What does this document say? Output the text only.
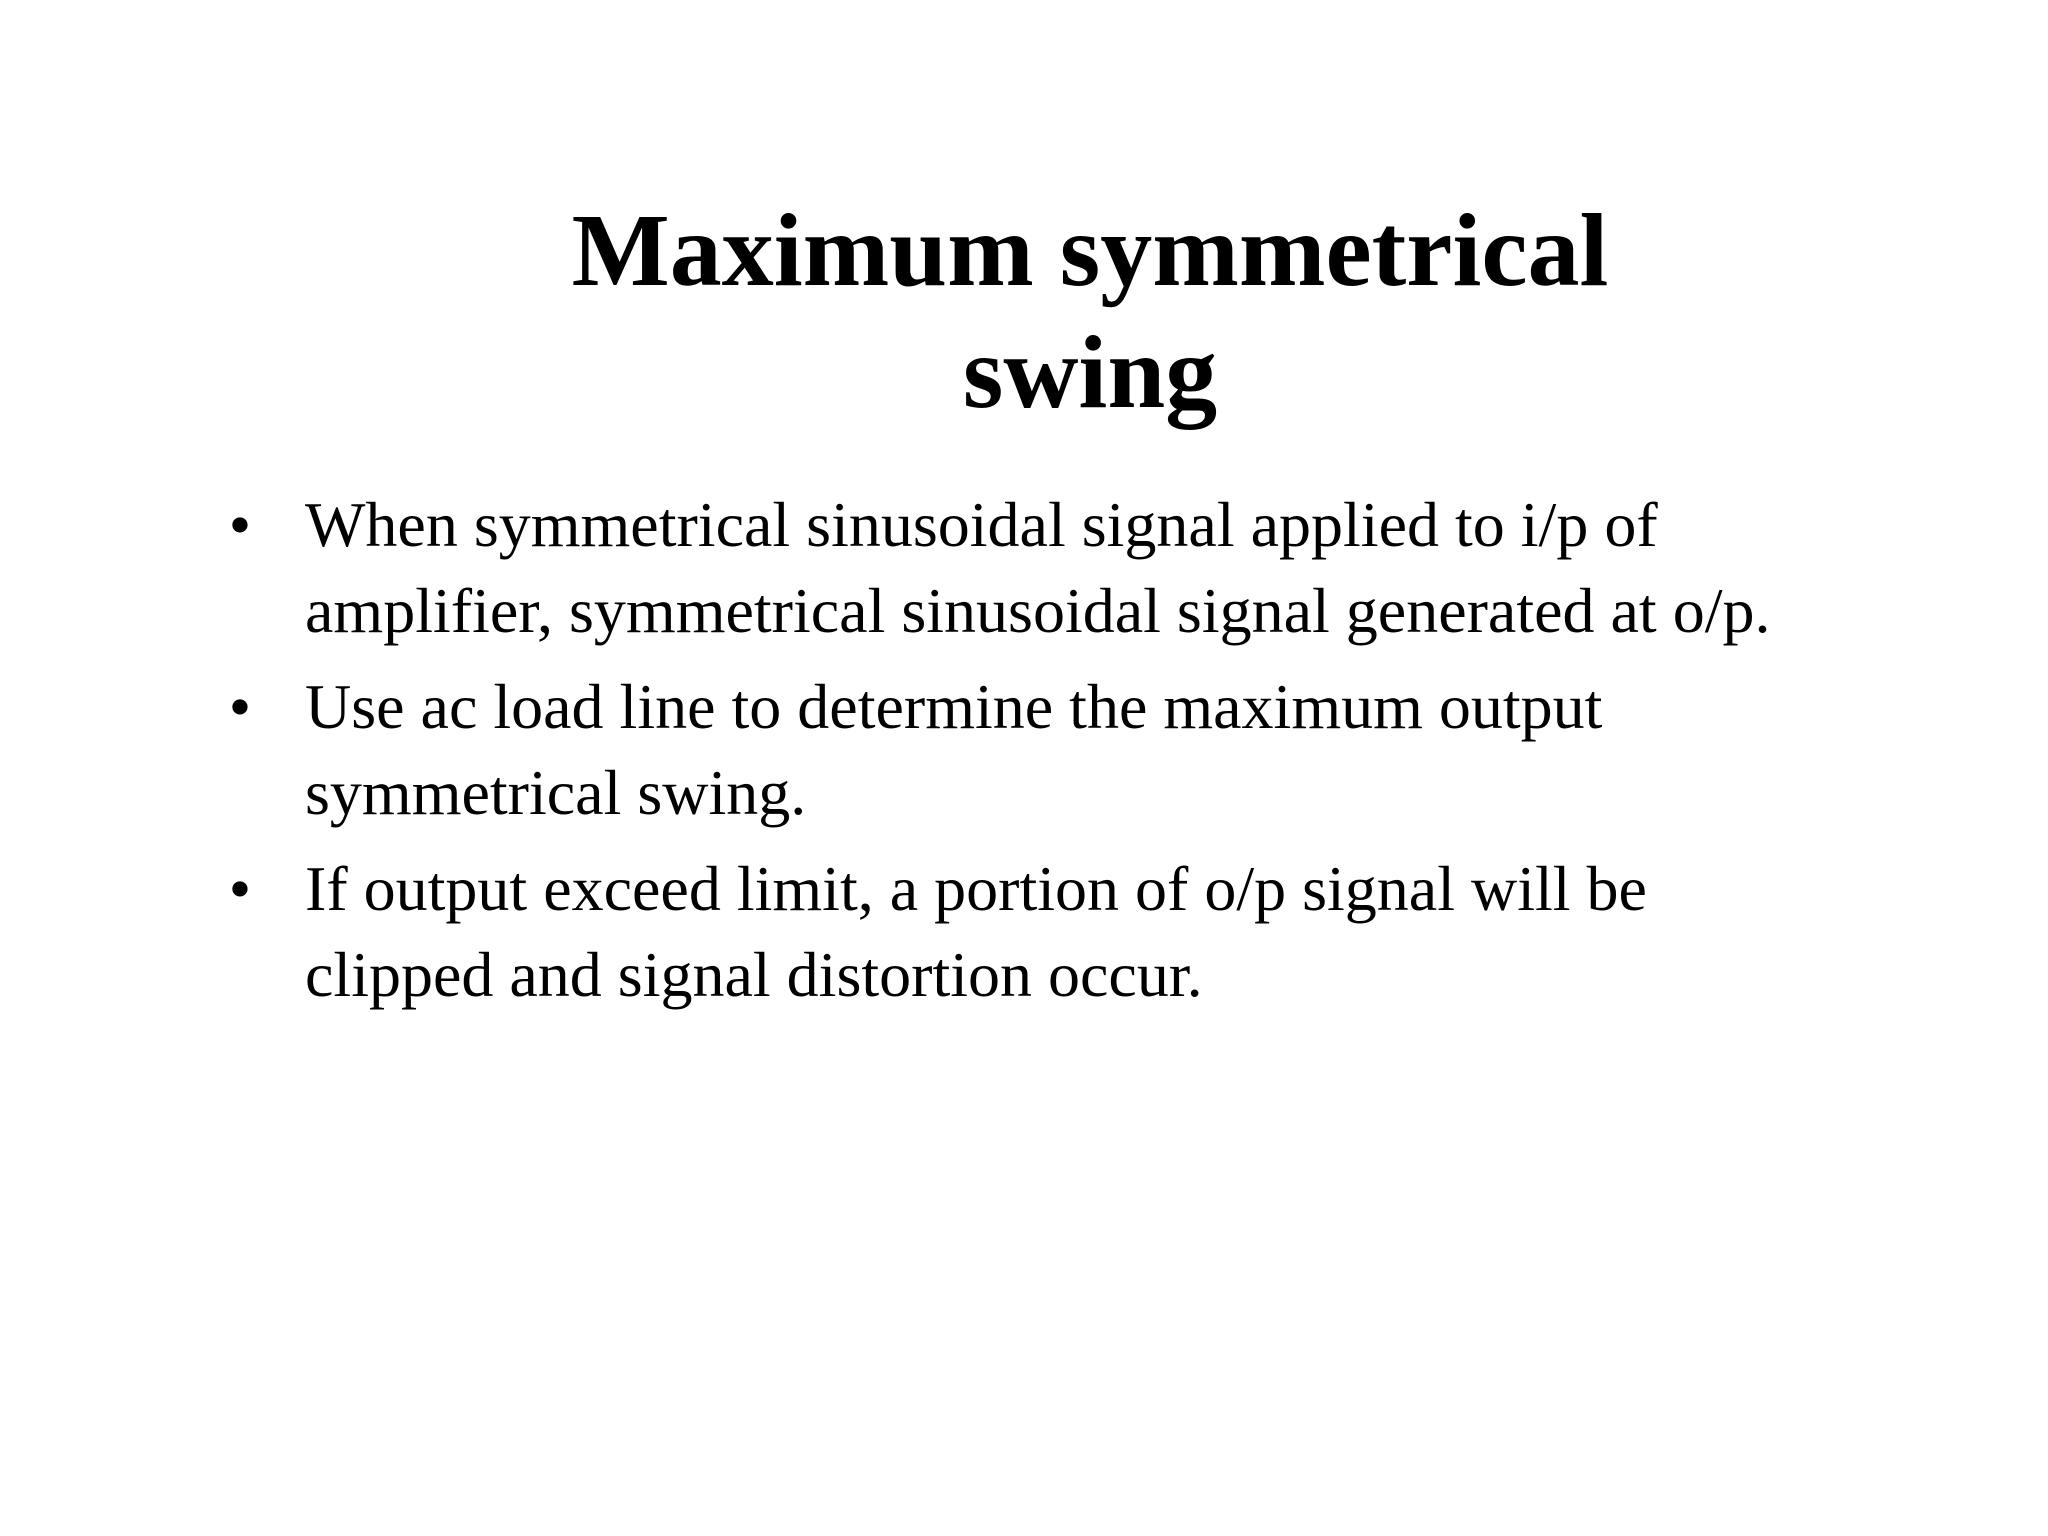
Maximum symmetrical
swing
• When symmetrical sinusoidal signal applied to i/p of
amplifier, symmetrical sinusoidal signal generated at o/p.
• Use ac load line to determine the maximum output
symmetrical swing.
• If output exceed limit, a portion of o/p signal will be
clipped and signal distortion occur.
